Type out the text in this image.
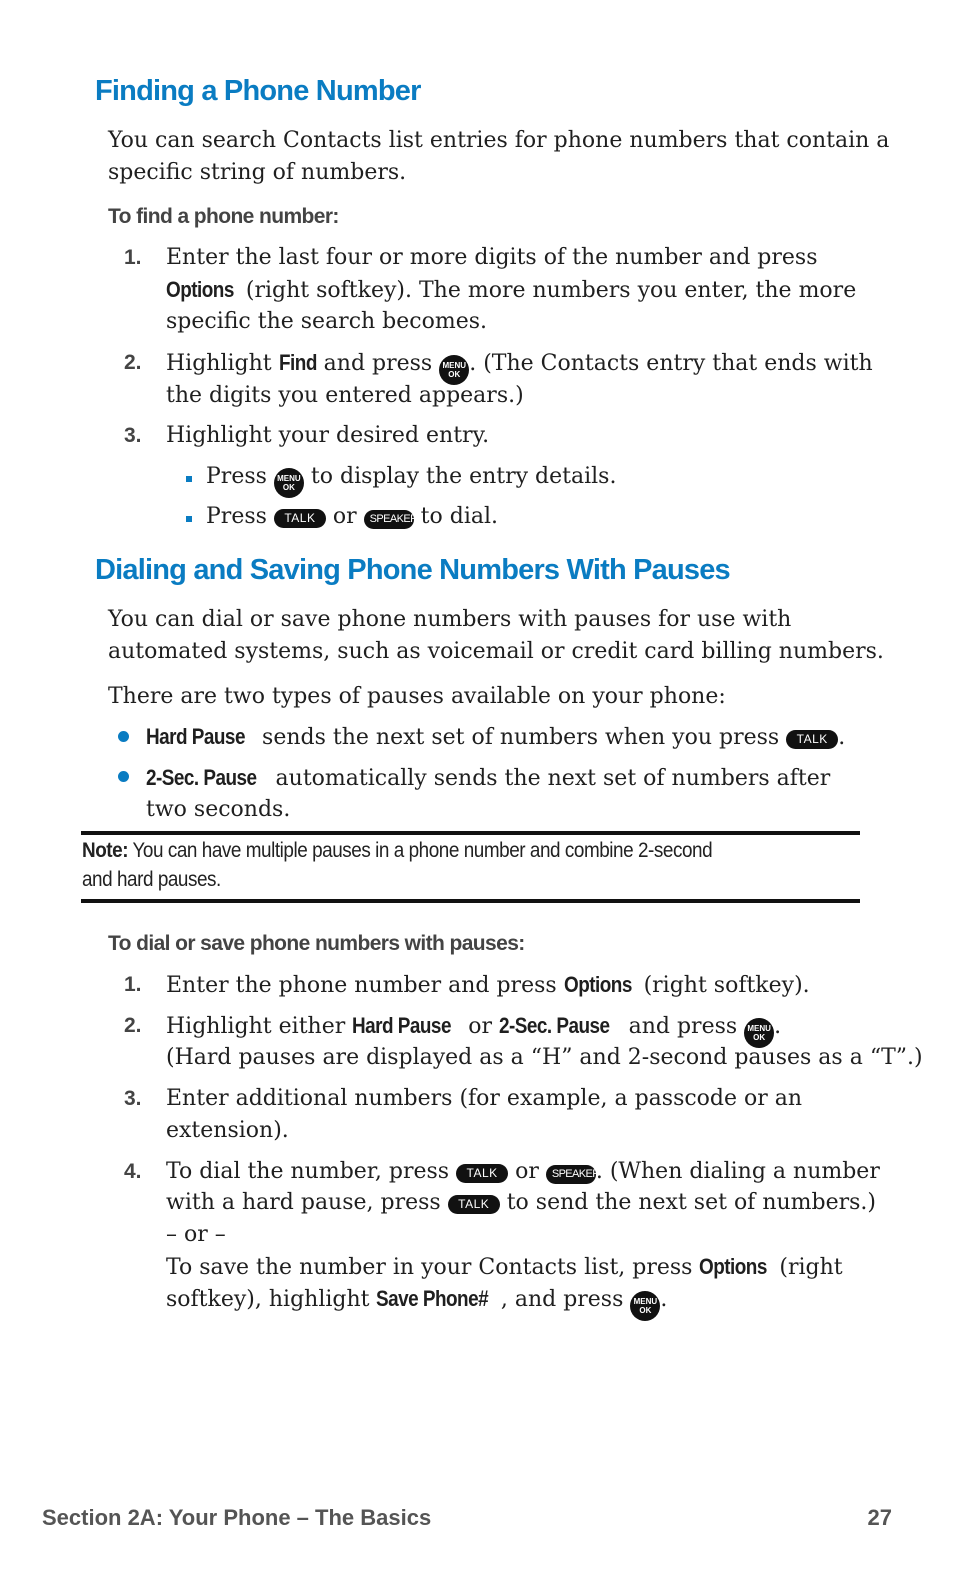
Finding a Phone Number

You can search Contacts list entries for phone numbers that contain a

specific string of numbers.

To find a phone number:

1. Enter the last four or more digits of the number and press

Options (right softkey). The more numbers you enter, the more

specific the search becomes.

2. Highlight Find and press MENU
OK . (The Contacts entry that ends with

the digits you entered appears.)

3. Highlight your desired entry.

Press MENU
OK to display the entry details.

Press TALK or SPEAKER to dial.

Dialing and Saving Phone Numbers With Pauses

You can dial or save phone numbers with pauses for use with

automated systems, such as voicemail or credit card billing numbers.

There are two types of pauses available on your phone:

Hard Pause sends the next set of numbers when you press TALK .

2-Sec. Pause automatically sends the next set of numbers after

two seconds.

Note: You can have multiple pauses in a phone number and combine 2-second

and hard pauses.

To dial or save phone numbers with pauses:

1. Enter the phone number and press Options (right softkey).

2. Highlight either Hard Pause or 2-Sec. Pause and press MENU
OK .

(Hard pauses are displayed as a “H” and 2-second pauses as a “T”.)

3. Enter additional numbers (for example, a passcode or an

extension).

4. To dial the number, press TALK or SPEAKER. (When dialing a number

with a hard pause, press TALK to send the next set of numbers.)

– or –

To save the number in your Contacts list, press Options (right

softkey), highlight Save Phone# , and press MENU
OK .

Section 2A: Your Phone – The Basics	27
